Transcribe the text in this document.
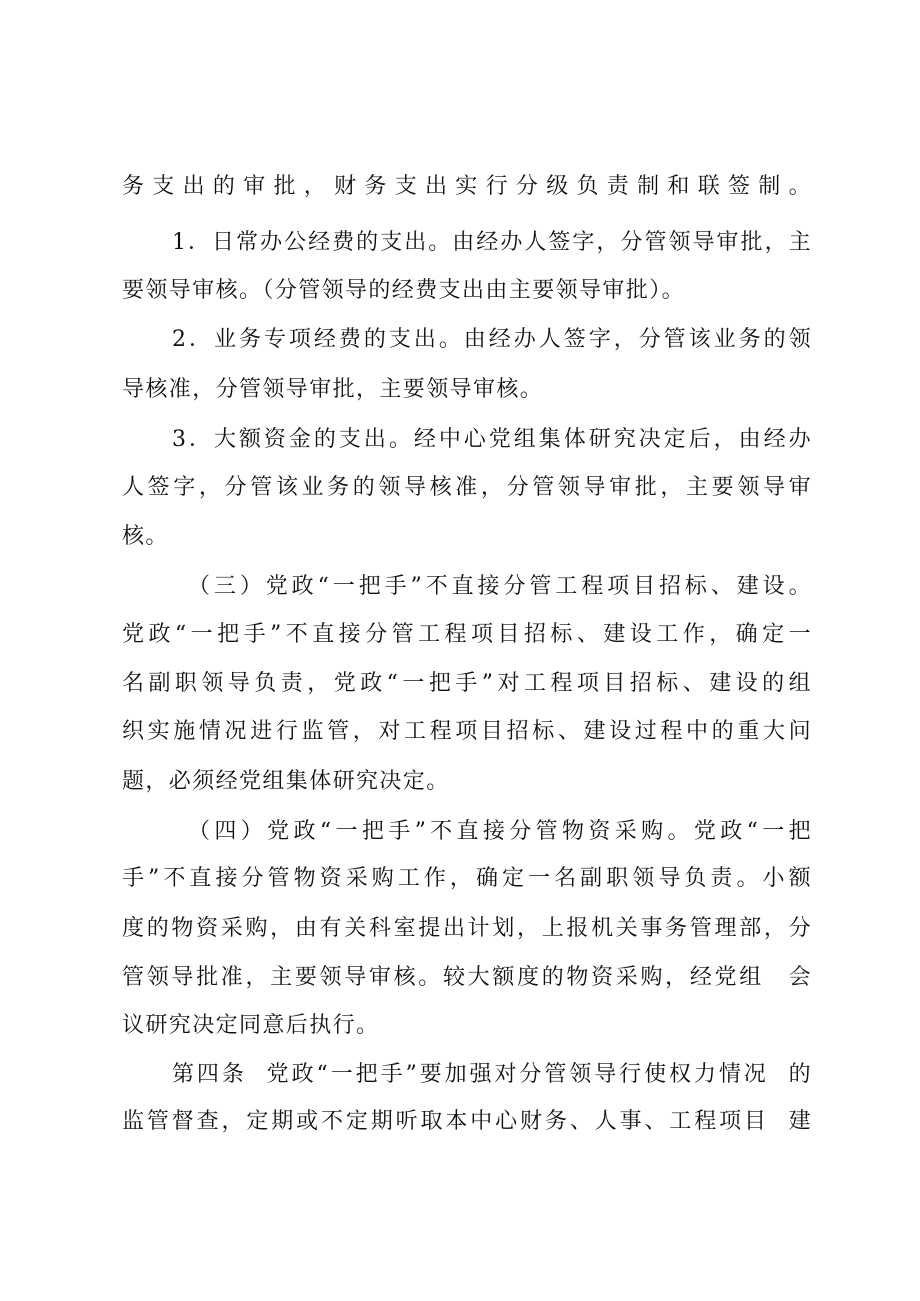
务支出的审批，财务支出实行分级负责制和联签制。
1．日常办公经费的支出。由经办人签字，分管领导审批，主
要领导审核。（分管领导的经费支出由主要领导审批）。
2．业务专项经费的支出。由经办人签字，分管该业务的领
导核准，分管领导审批，主要领导审核。
3．大额资金的支出。经中心党组集体研究决定后，由经办
人签字，分管该业务的领导核准，分管领导审批，主要领导审
核。
（三）党政“一把手”不直接分管工程项目招标、建设。
党政“一把手”不直接分管工程项目招标、建设工作，确定一
名副职领导负责，党政“一把手”对工程项目招标、建设的组
织实施情况进行监管，对工程项目招标、建设过程中的重大问
题，必须经党组集体研究决定。
（四）党政“一把手”不直接分管物资采购。党政“一把
手”不直接分管物资采购工作，确定一名副职领导负责。小额
度的物资采购，由有关科室提出计划，上报机关事务管理部，分
管领导批准，主要领导审核。较大额度的物资采购，经党组　会
议研究决定同意后执行。
第四条  党政“一把手”要加强对分管领导行使权力情况  的
监管督查，定期或不定期听取本中心财务、人事、工程项目  建
